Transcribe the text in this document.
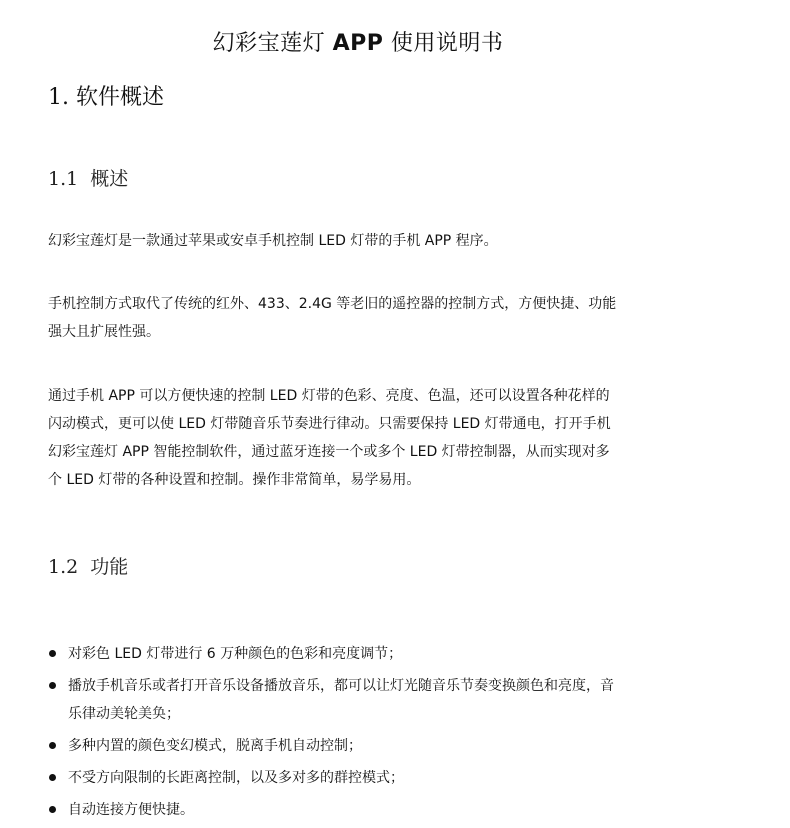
幻彩宝莲灯 APP 使用说明书
1. 软件概述
1.1 概述
幻彩宝莲灯是一款通过苹果或安卓手机控制 LED 灯带的手机 APP 程序。
手机控制方式取代了传统的红外、433、2.4G 等老旧的遥控器的控制方式，方便快捷、功能
强大且扩展性强。
通过手机 APP 可以方便快速的控制 LED 灯带的色彩、亮度、色温，还可以设置各种花样的
闪动模式，更可以使 LED 灯带随音乐节奏进行律动。只需要保持 LED 灯带通电，打开手机
幻彩宝莲灯 APP 智能控制软件，通过蓝牙连接一个或多个 LED 灯带控制器，从而实现对多
个 LED 灯带的各种设置和控制。操作非常简单，易学易用。
1.2 功能
对彩色 LED 灯带进行 6 万种颜色的色彩和亮度调节；
播放手机音乐或者打开音乐设备播放音乐，都可以让灯光随音乐节奏变换颜色和亮度，音
乐律动美轮美奂；
多种内置的颜色变幻模式，脱离手机自动控制；
不受方向限制的长距离控制，以及多对多的群控模式；
自动连接方便快捷。
